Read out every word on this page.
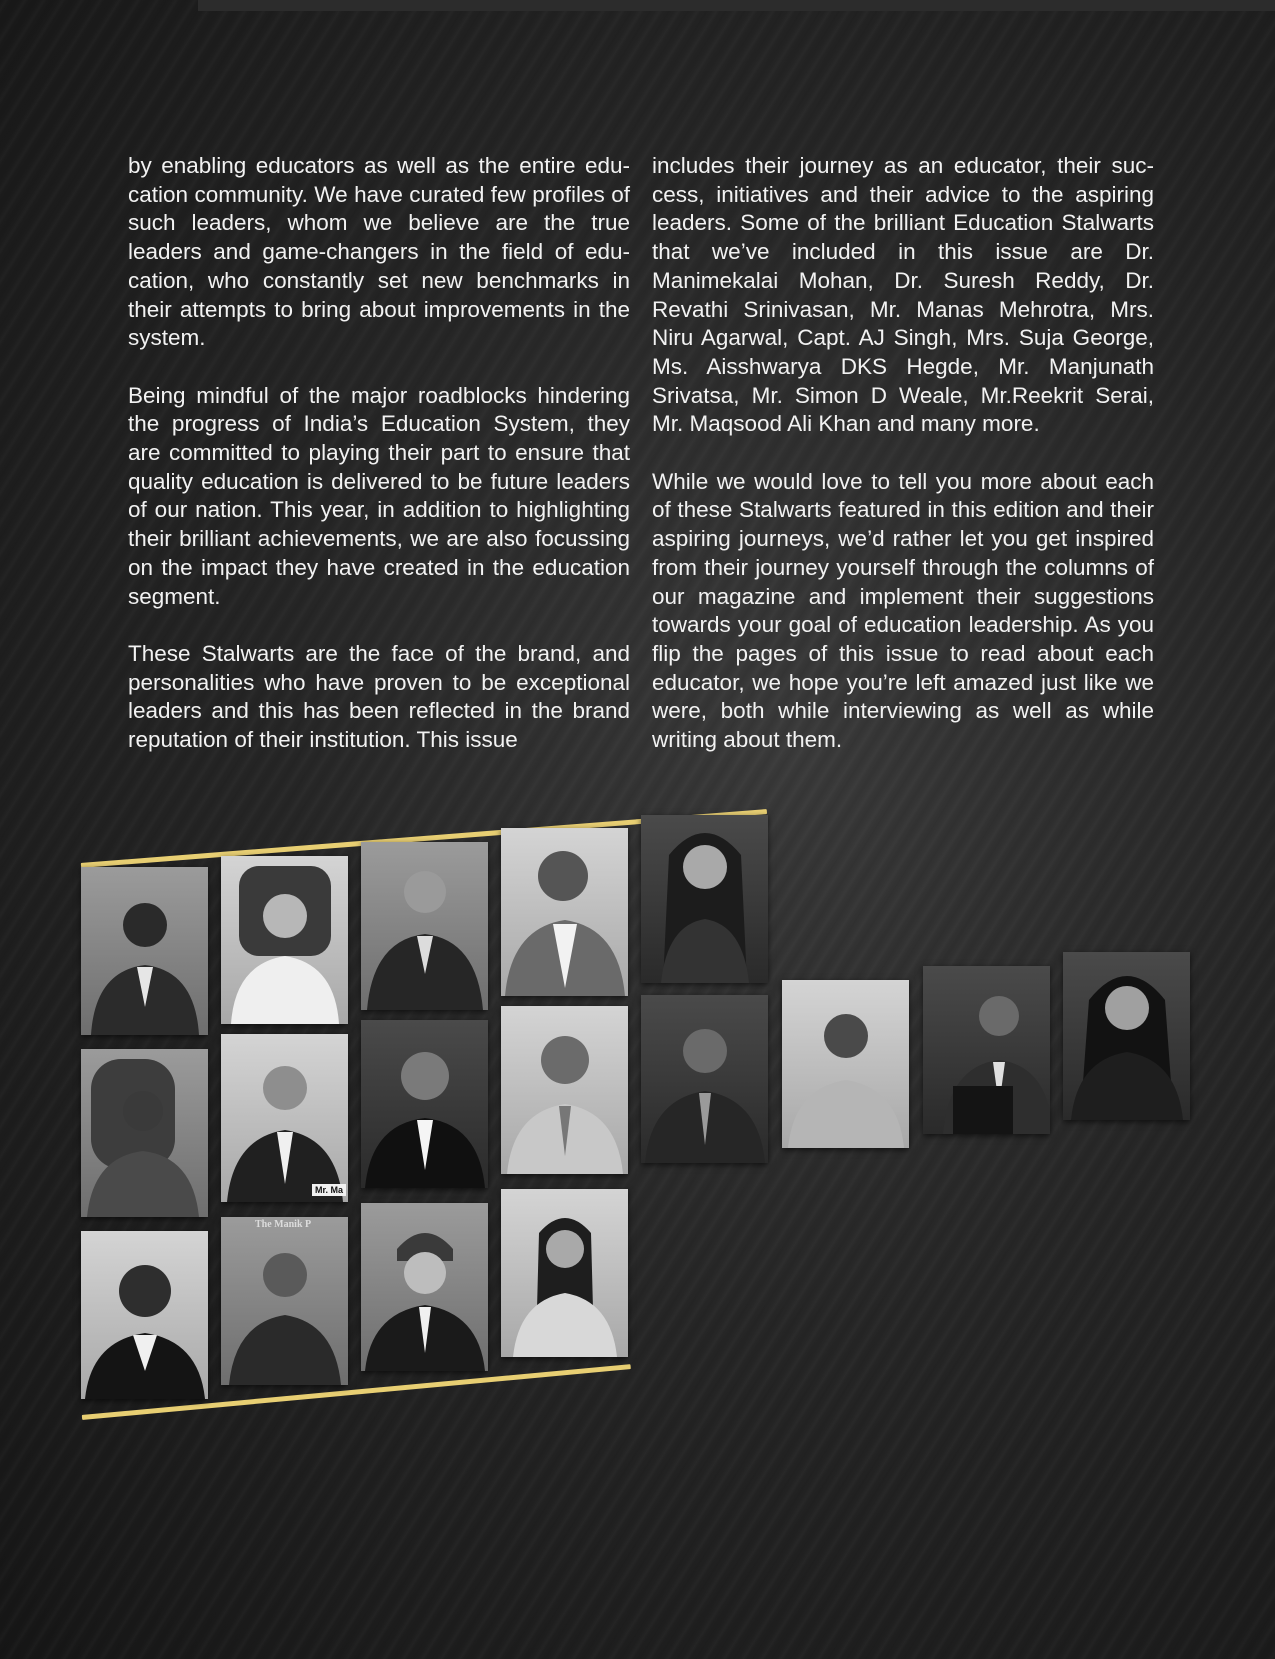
by enabling educators as well as the entire education community. We have curated few profiles of such leaders, whom we believe are the true leaders and game-changers in the field of education, who constantly set new benchmarks in their attempts to bring about improvements in the system.

Being mindful of the major roadblocks hindering the progress of India’s Education System, they are committed to playing their part to ensure that quality education is delivered to be future leaders of our nation. This year, in addition to highlighting their brilliant achievements, we are also focussing on the impact they have created in the education segment.

These Stalwarts are the face of the brand, and personalities who have proven to be exceptional leaders and this has been reflected in the brand reputation of their institution. This issue

includes their journey as an educator, their success, initiatives and their advice to the aspiring leaders. Some of the brilliant Education Stalwarts that we’ve included in this issue are Dr. Manimekalai Mohan, Dr. Suresh Reddy, Dr. Revathi Srinivasan, Mr. Manas Mehrotra, Mrs. Niru Agarwal, Capt. AJ Singh, Mrs. Suja George, Ms. Aisshwarya DKS Hegde, Mr. Manjunath Srivatsa, Mr. Simon D Weale, Mr.Reekrit Serai, Mr. Maqsood Ali Khan and many more.

While we would love to tell you more about each of these Stalwarts featured in this edition and their aspiring journeys, we’d rather let you get inspired from their journey yourself through the columns of our magazine and implement their suggestions towards your goal of education leadership. As you flip the pages of this issue to read about each educator, we hope you’re left amazed just like we were, both while interviewing as well as while writing about them.

Mr. Ma
The Manik P
